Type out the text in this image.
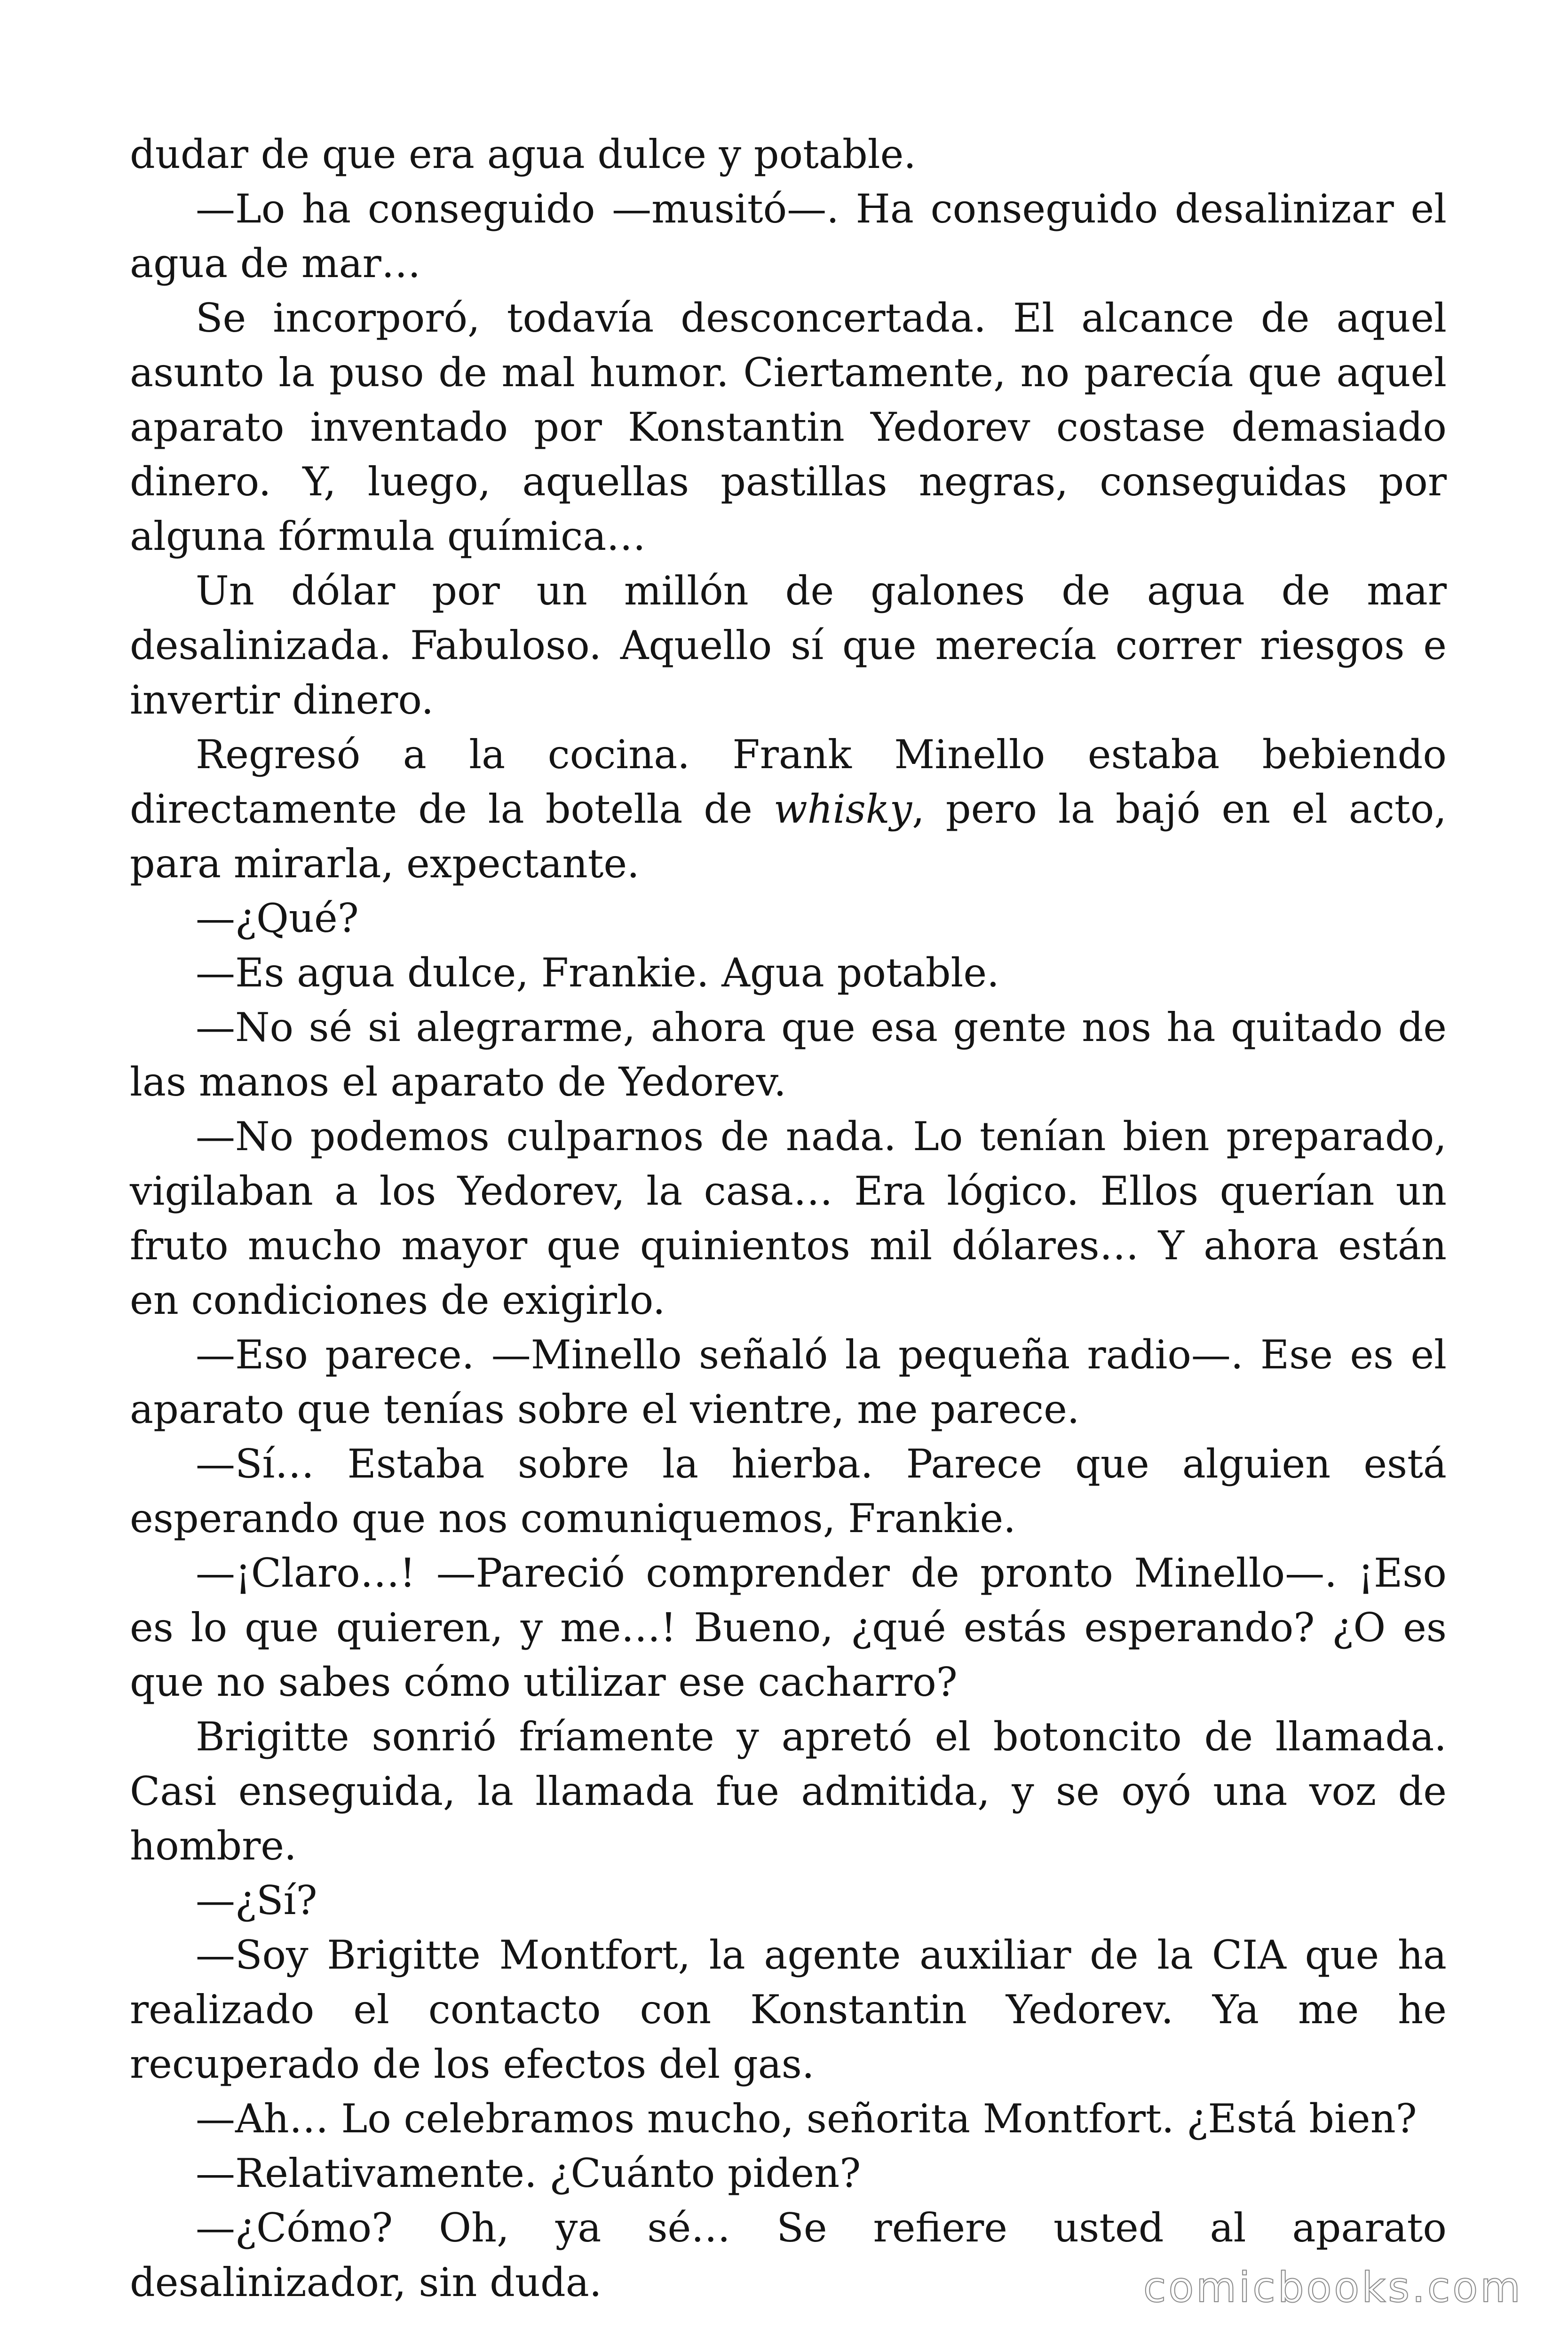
dudar de que era agua dulce y potable.

—Lo ha conseguido —musitó—. Ha conseguido desalinizar el agua de mar…

Se incorporó, todavía desconcertada. El alcance de aquel asunto la puso de mal humor. Ciertamente, no parecía que aquel aparato inventado por Konstantin Yedorev costase demasiado dinero. Y, luego, aquellas pastillas negras, conseguidas por alguna fórmula química…

Un dólar por un millón de galones de agua de mar desalinizada. Fabuloso. Aquello sí que merecía correr riesgos e invertir dinero.

Regresó a la cocina. Frank Minello estaba bebiendo directamente de la botella de whisky, pero la bajó en el acto, para mirarla, expectante.

—¿Qué?

—Es agua dulce, Frankie. Agua potable.

—No sé si alegrarme, ahora que esa gente nos ha quitado de las manos el aparato de Yedorev.

—No podemos culparnos de nada. Lo tenían bien preparado, vigilaban a los Yedorev, la casa… Era lógico. Ellos querían un fruto mucho mayor que quinientos mil dólares… Y ahora están en condiciones de exigirlo.

—Eso parece. —Minello señaló la pequeña radio—. Ese es el aparato que tenías sobre el vientre, me parece.

—Sí… Estaba sobre la hierba. Parece que alguien está esperando que nos comuniquemos, Frankie.

—¡Claro…! —Pareció comprender de pronto Minello—. ¡Eso es lo que quieren, y me…! Bueno, ¿qué estás esperando? ¿O es que no sabes cómo utilizar ese cacharro?

Brigitte sonrió fríamente y apretó el botoncito de llamada. Casi enseguida, la llamada fue admitida, y se oyó una voz de hombre.

—¿Sí?

—Soy Brigitte Montfort, la agente auxiliar de la CIA que ha realizado el contacto con Konstantin Yedorev. Ya me he recuperado de los efectos del gas.

—Ah… Lo celebramos mucho, señorita Montfort. ¿Está bien?

—Relativamente. ¿Cuánto piden?

—¿Cómo? Oh, ya sé… Se refiere usted al aparato desalinizador, sin duda.	comicbooks.com
